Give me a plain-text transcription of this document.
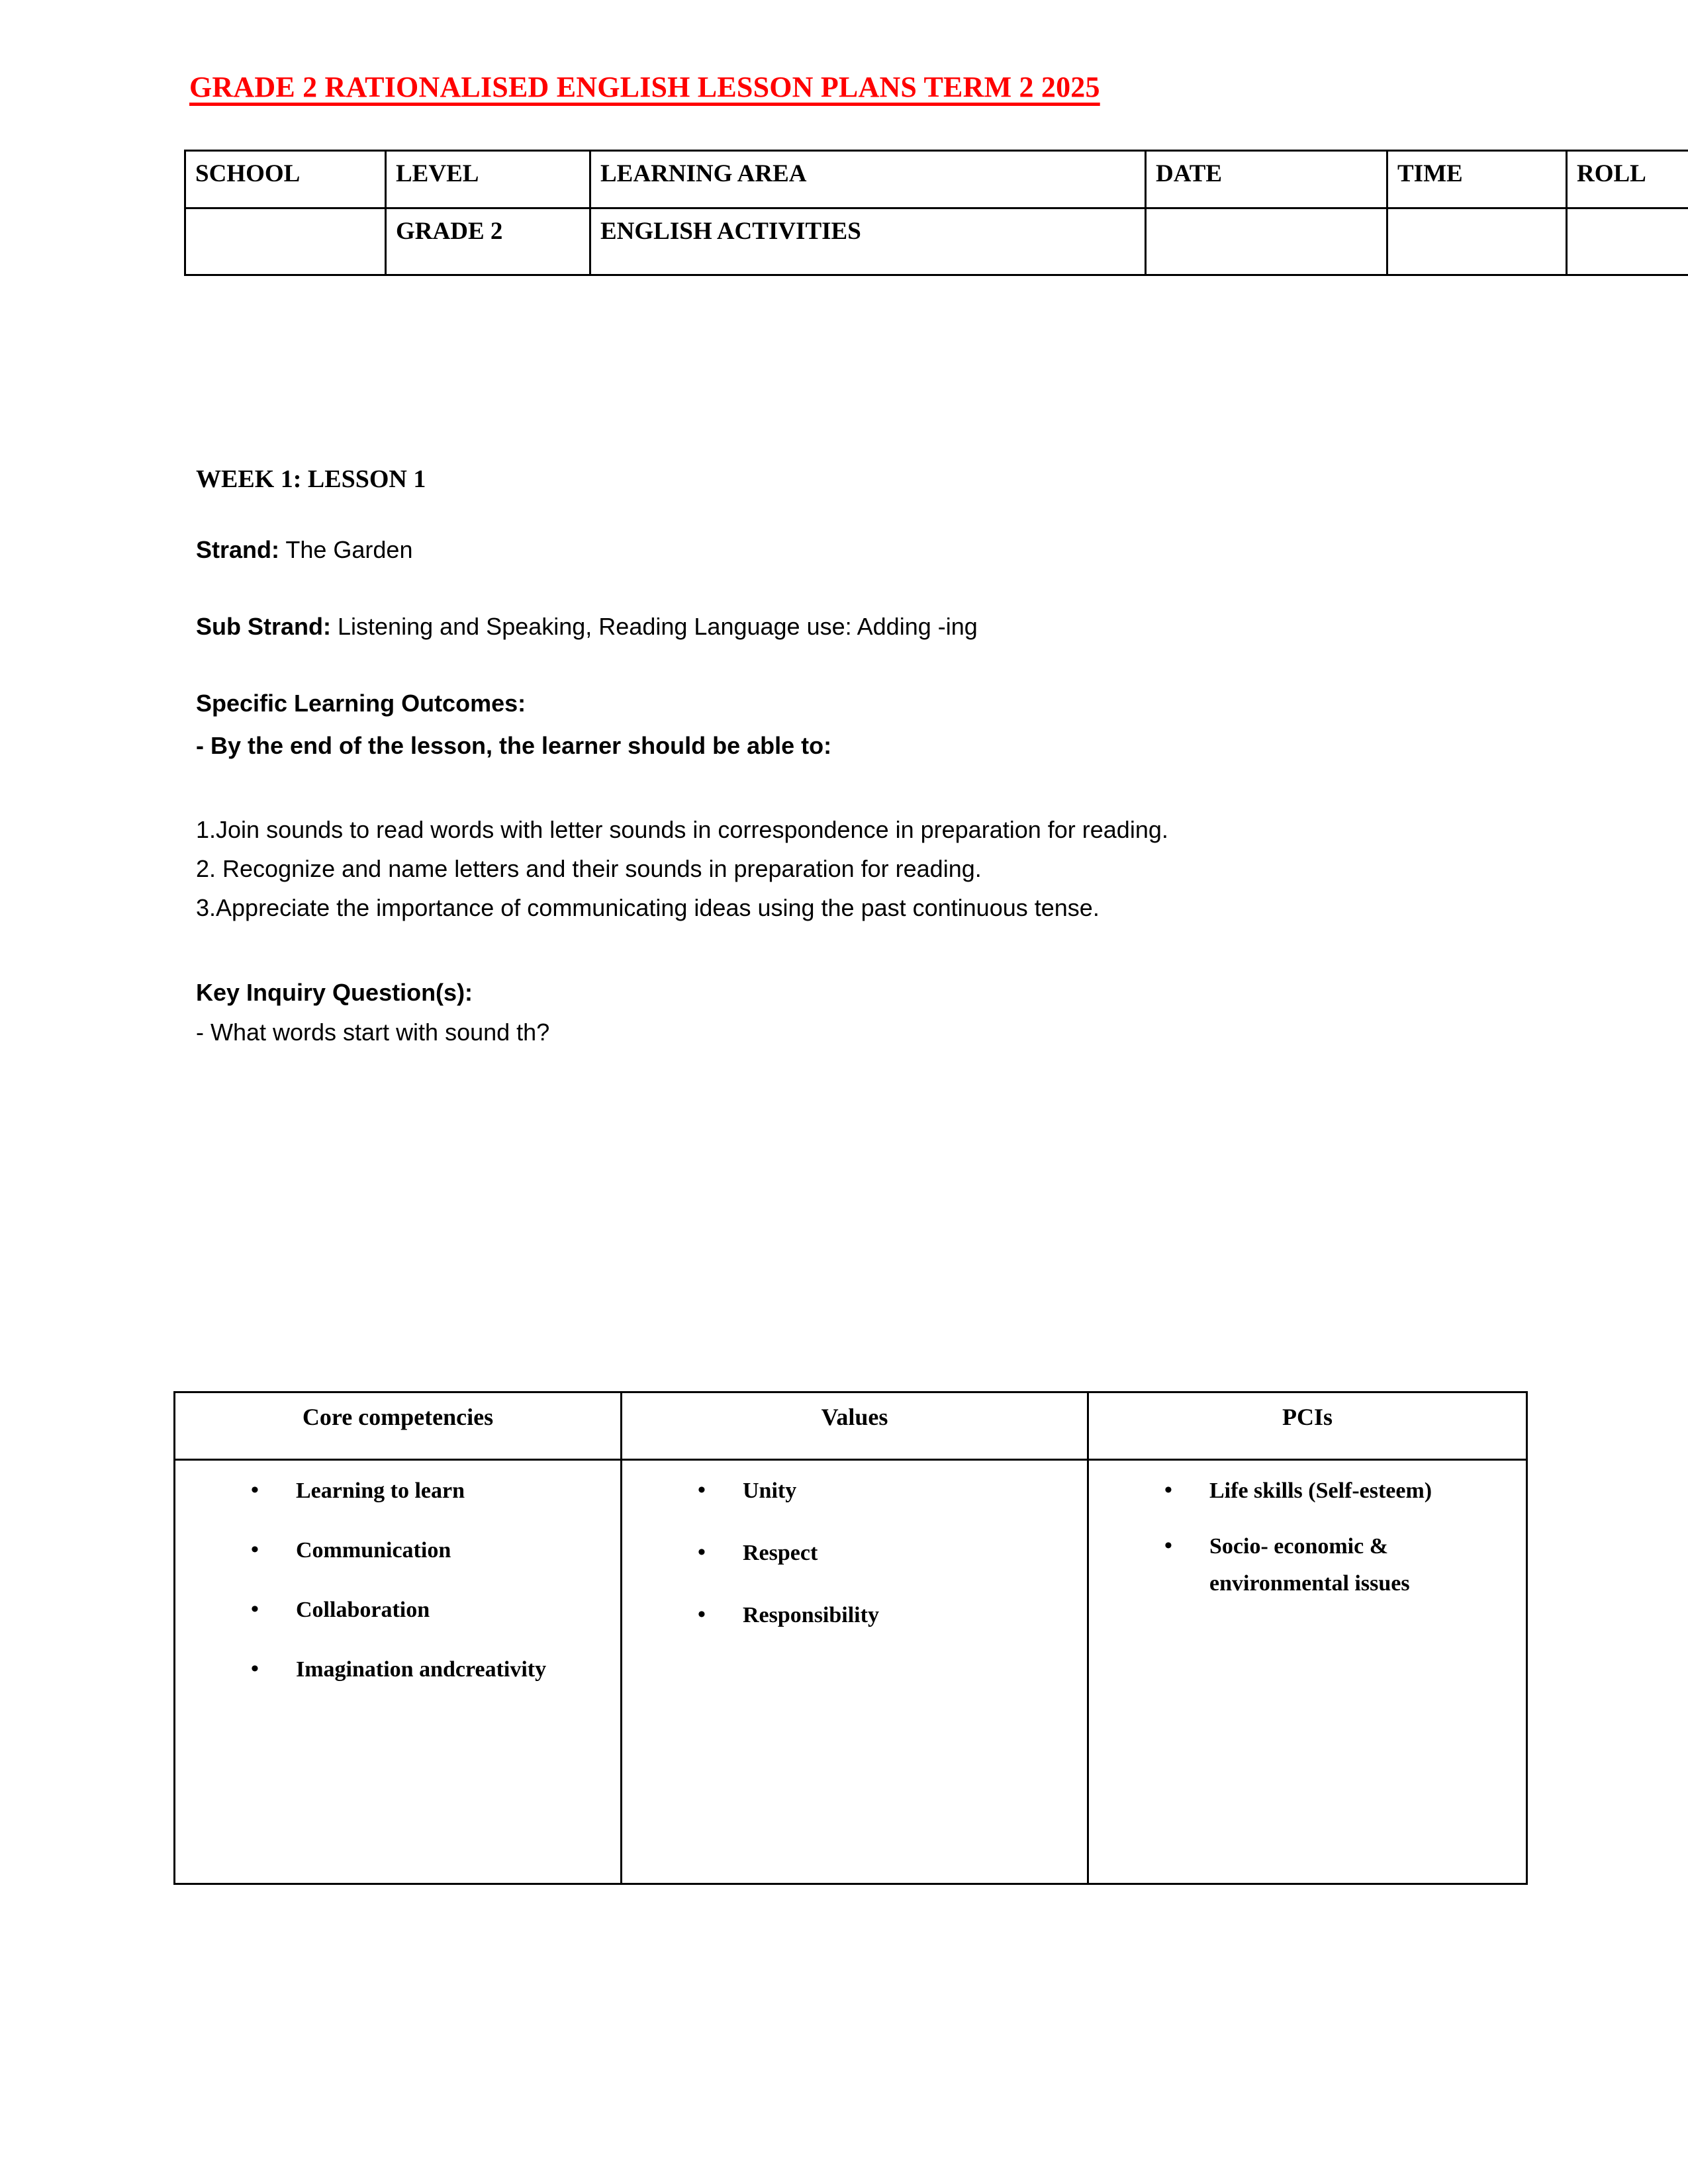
GRADE 2 RATIONALISED ENGLISH LESSON PLANS TERM 2 2025
SCHOOL	LEVEL	LEARNING AREA	DATE	TIME	ROLL
	GRADE 2	ENGLISH ACTIVITIES			

WEEK 1: LESSON 1

Strand: The Garden

Sub Strand: Listening and Speaking, Reading Language use: Adding -ing

Specific Learning Outcomes:

- By the end of the lesson, the learner should be able to:

1.Join sounds to read words with letter sounds in correspondence in preparation for reading.

2. Recognize and name letters and their sounds in preparation for reading.

3.Appreciate the importance of communicating ideas using the past continuous tense.

Key Inquiry Question(s):

- What words start with sound th?

Core competencies	Values	PCIs

• Learning to learn
• Communication
• Collaboration
• Imagination andcreativity

• Unity
• Respect
• Responsibility

• Life skills (Self-esteem)
• Socio- economic & environmental issues
